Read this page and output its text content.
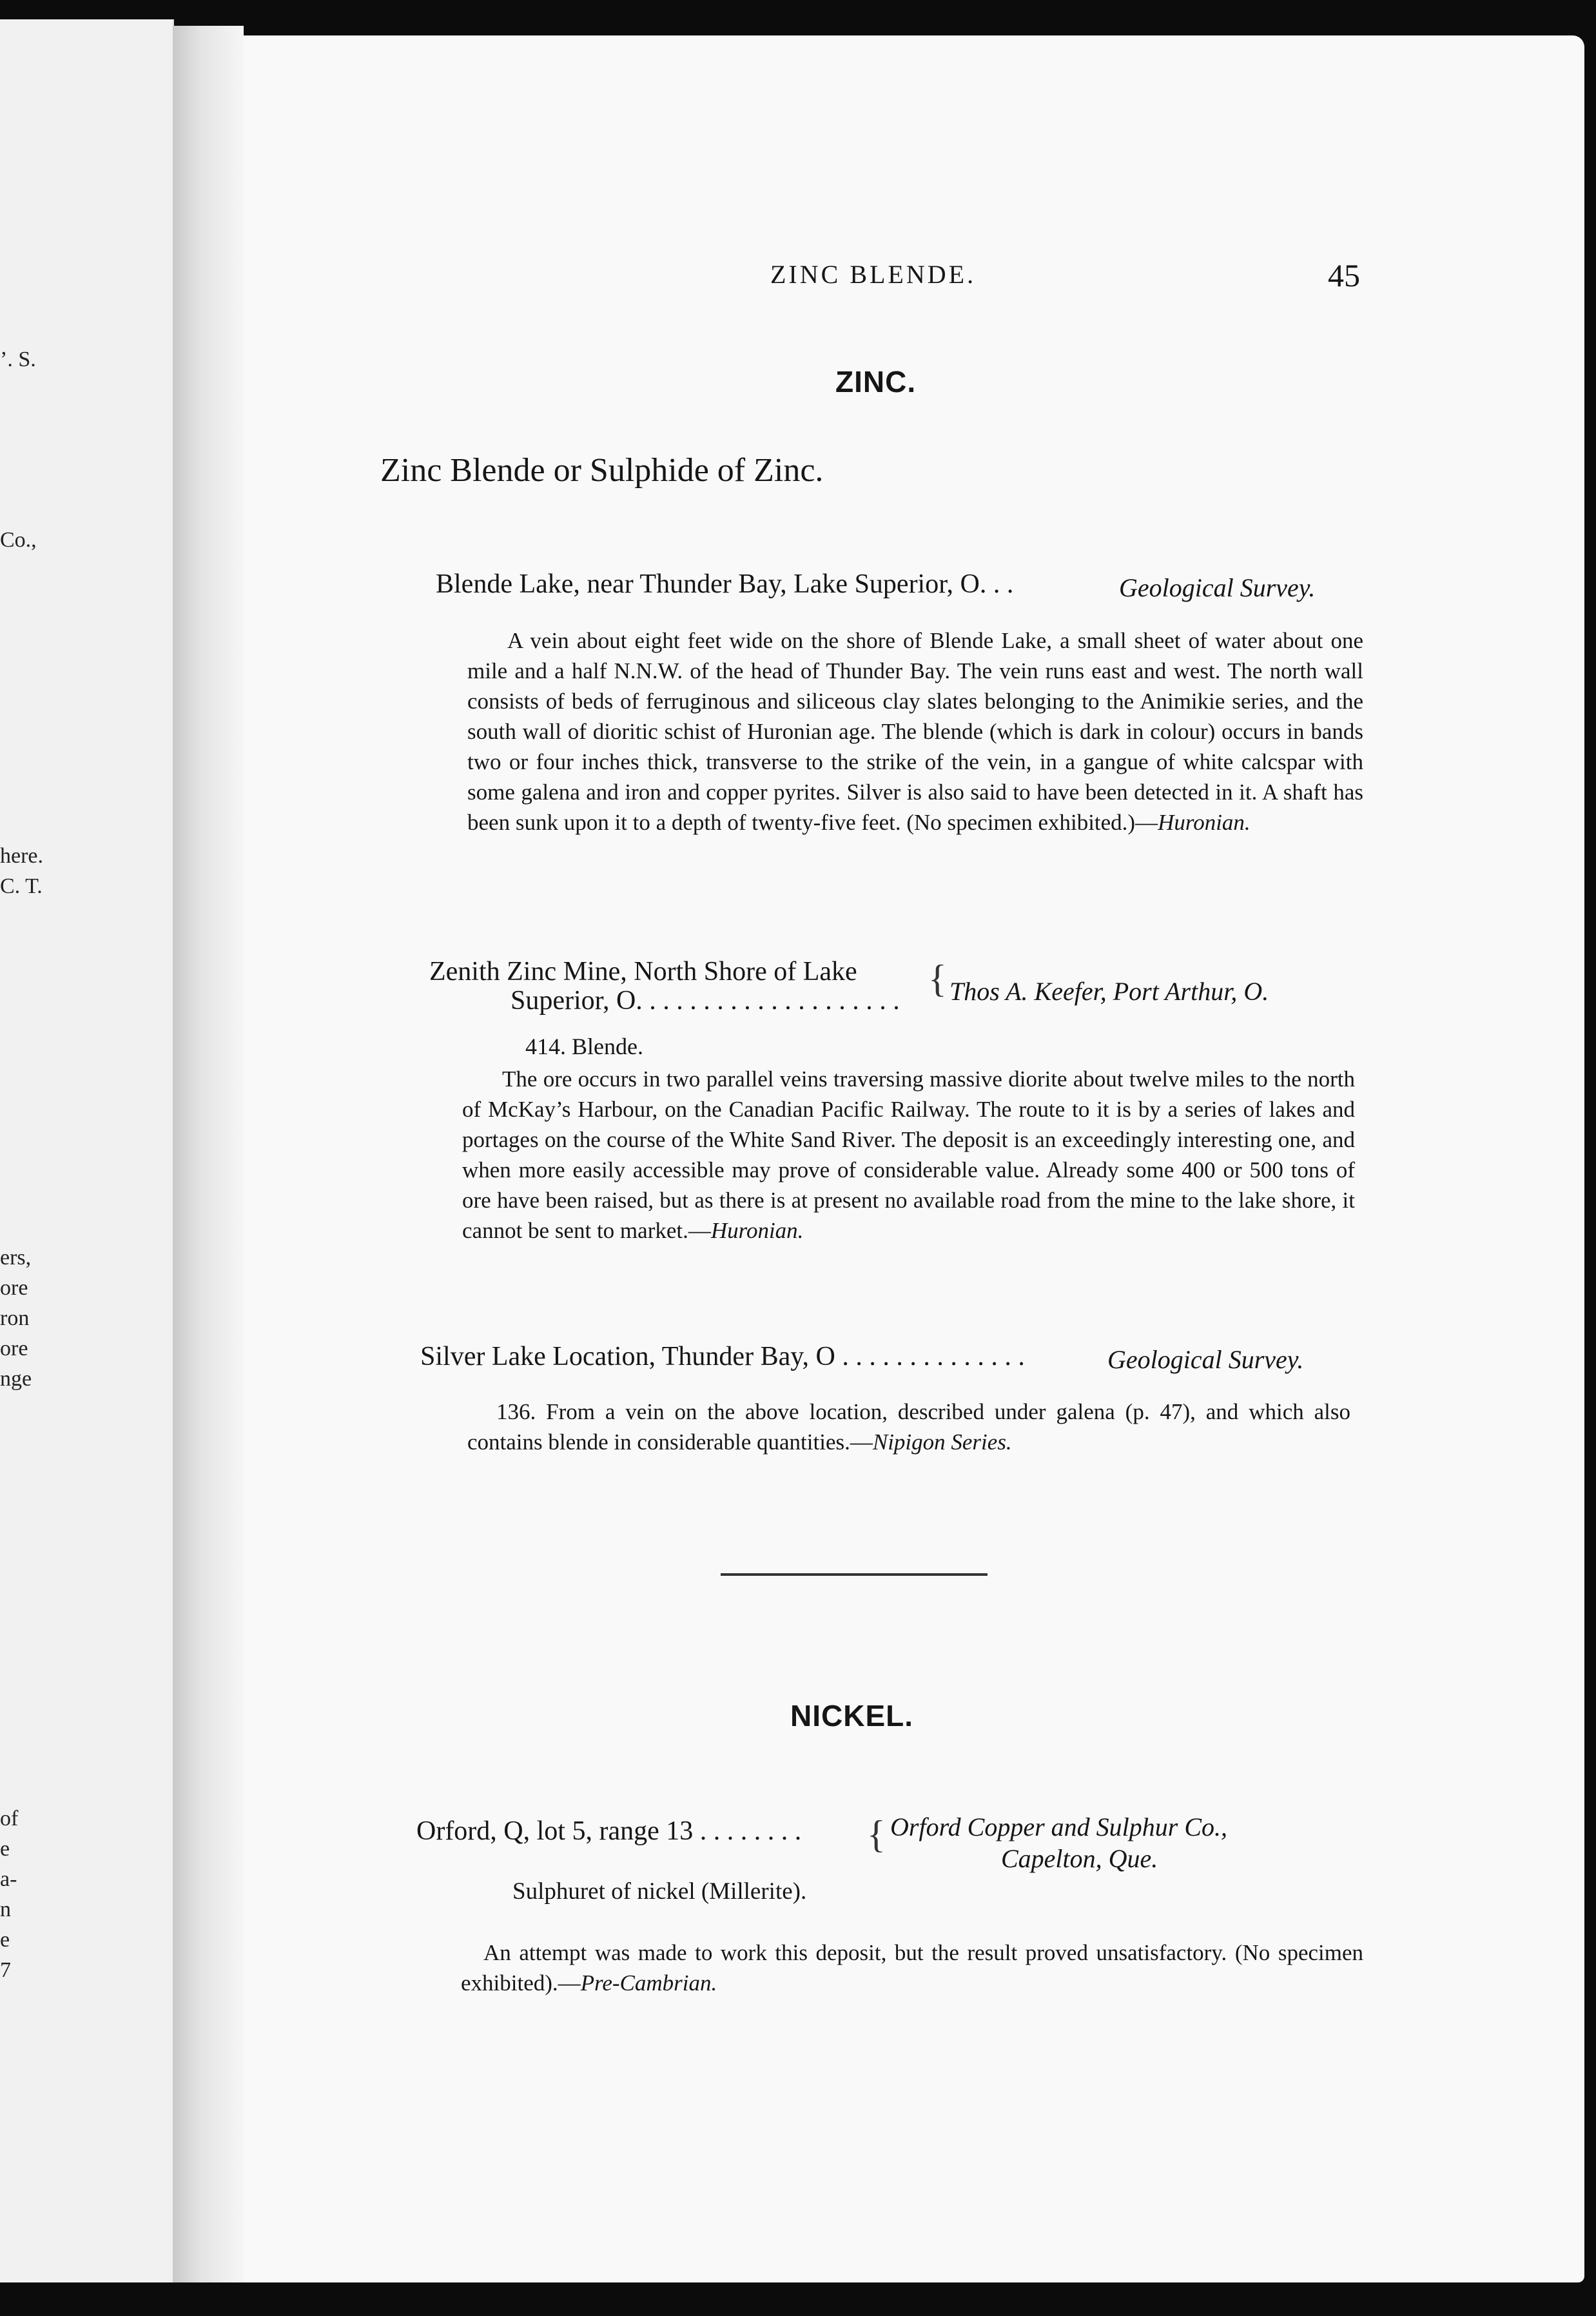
’. S.
Co.,
here.
C. T.
ers,
ore
ron
ore
nge
of
e
a-
n
e
7
ZINC BLENDE.	45
ZINC.
Zinc Blende or Sulphide of Zinc.
Blende Lake, near Thunder Bay, Lake Superior, O. . .	Geological Survey.
A vein about eight feet wide on the shore of Blende Lake, a small sheet of water about one mile and a half N.N.W. of the head of Thunder Bay. The vein runs east and west. The north wall consists of beds of ferruginous and siliceous clay slates belonging to the Animikie series, and the south wall of dioritic schist of Huronian age. The blende (which is dark in colour) occurs in bands two or four inches thick, transverse to the strike of the vein, in a gangue of white calcspar with some galena and iron and copper pyrites. Silver is also said to have been detected in it. A shaft has been sunk upon it to a depth of twenty-five feet. (No specimen exhibited.)—Huronian.
Zenith Zinc Mine, North Shore of Lake
Superior, O. . . . . . . . . . . . . . . . . . . .
{ Thos A. Keefer, Port Arthur, O.
414. Blende.
The ore occurs in two parallel veins traversing massive diorite about twelve miles to the north of McKay’s Harbour, on the Canadian Pacific Railway. The route to it is by a series of lakes and portages on the course of the White Sand River. The deposit is an exceedingly interesting one, and when more easily accessible may prove of considerable value. Already some 400 or 500 tons of ore have been raised, but as there is at present no available road from the mine to the lake shore, it cannot be sent to market.—Huronian.
Silver Lake Location, Thunder Bay, O . . . . . . . . . . . . . .	Geological Survey.
136. From a vein on the above location, described under galena (p. 47), and which also contains blende in considerable quantities.—Nipigon Series.
NICKEL.
Orford, Q, lot 5, range 13 . . . . . . . . { Orford Copper and Sulphur Co.,
Capelton, Que.
Sulphuret of nickel (Millerite).
An attempt was made to work this deposit, but the result proved unsatisfactory. (No specimen exhibited).—Pre-Cambrian.
